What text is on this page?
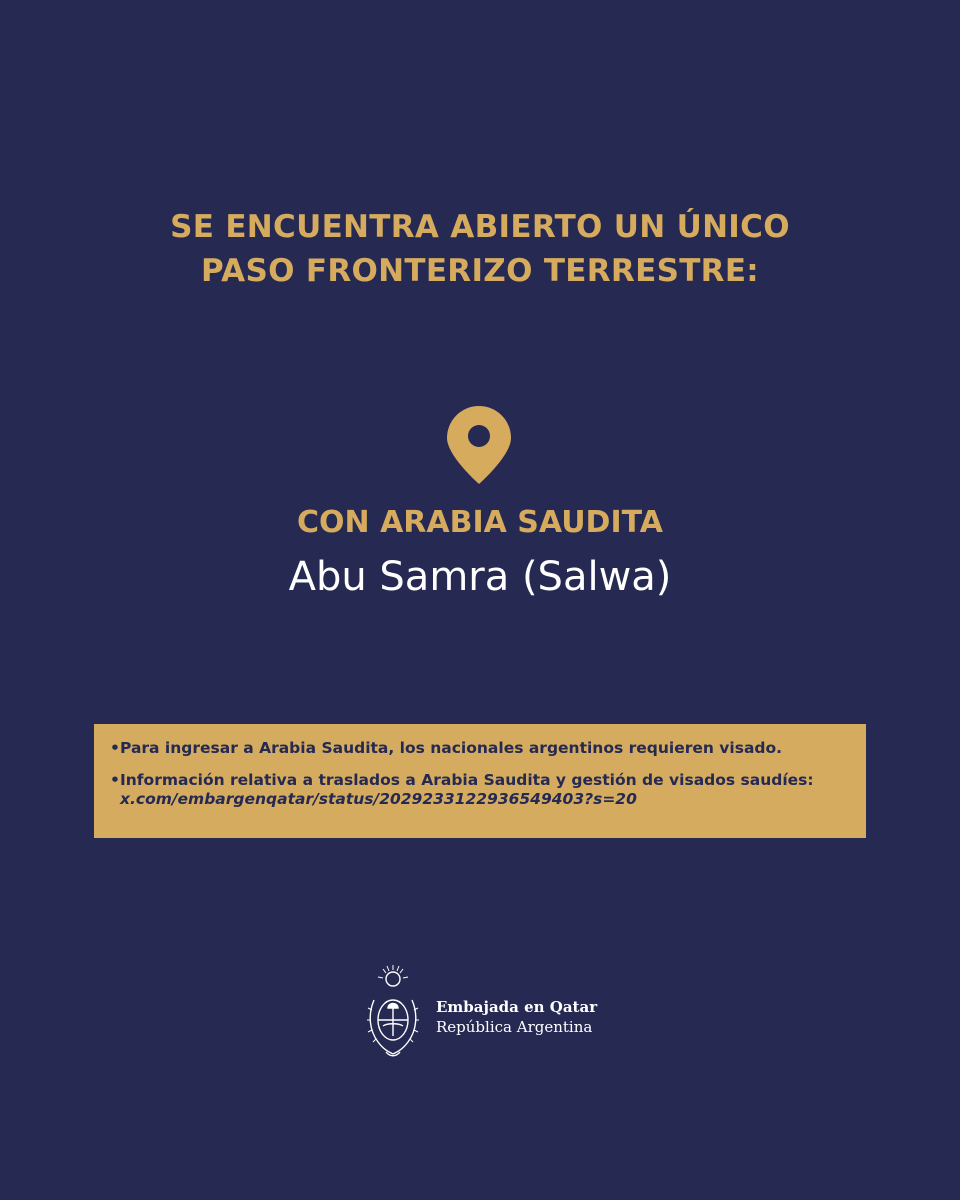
SE ENCUENTRA ABIERTO UN ÚNICO
PASO FRONTERIZO TERRESTRE:
CON ARABIA SAUDITA
Abu Samra (Salwa)
• Para ingresar a Arabia Saudita, los nacionales argentinos requieren visado.
• Información relativa a traslados a Arabia Saudita y gestión de visados saudíes:
x.com/embargenqatar/status/2029233122936549403?s=20
Embajada en Qatar
República Argentina
